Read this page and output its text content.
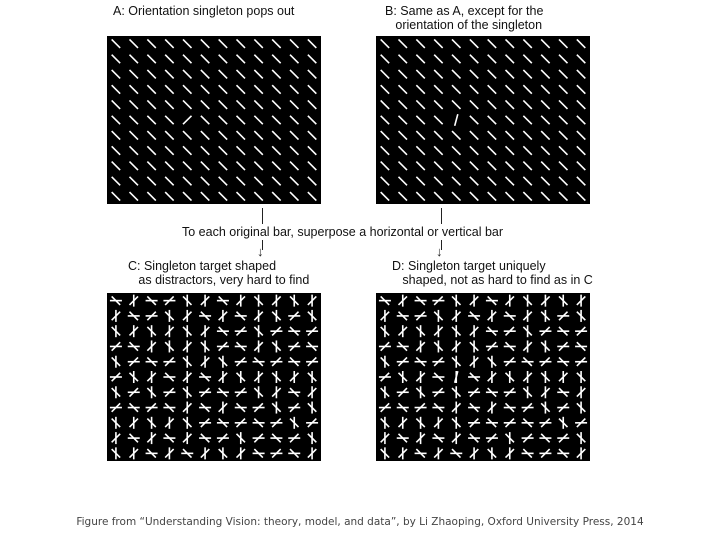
A: Orientation singleton pops out	B: Same as A, except for the
orientation of the singleton
To each original bar, superpose a horizontal or vertical bar
↓	↓
C: Singleton target shaped
as distractors, very hard to find
D: Singleton target uniquely
shaped, not as hard to find as in C
Figure from “Understanding Vision: theory, model, and data”, by Li Zhaoping, Oxford University Press, 2014
